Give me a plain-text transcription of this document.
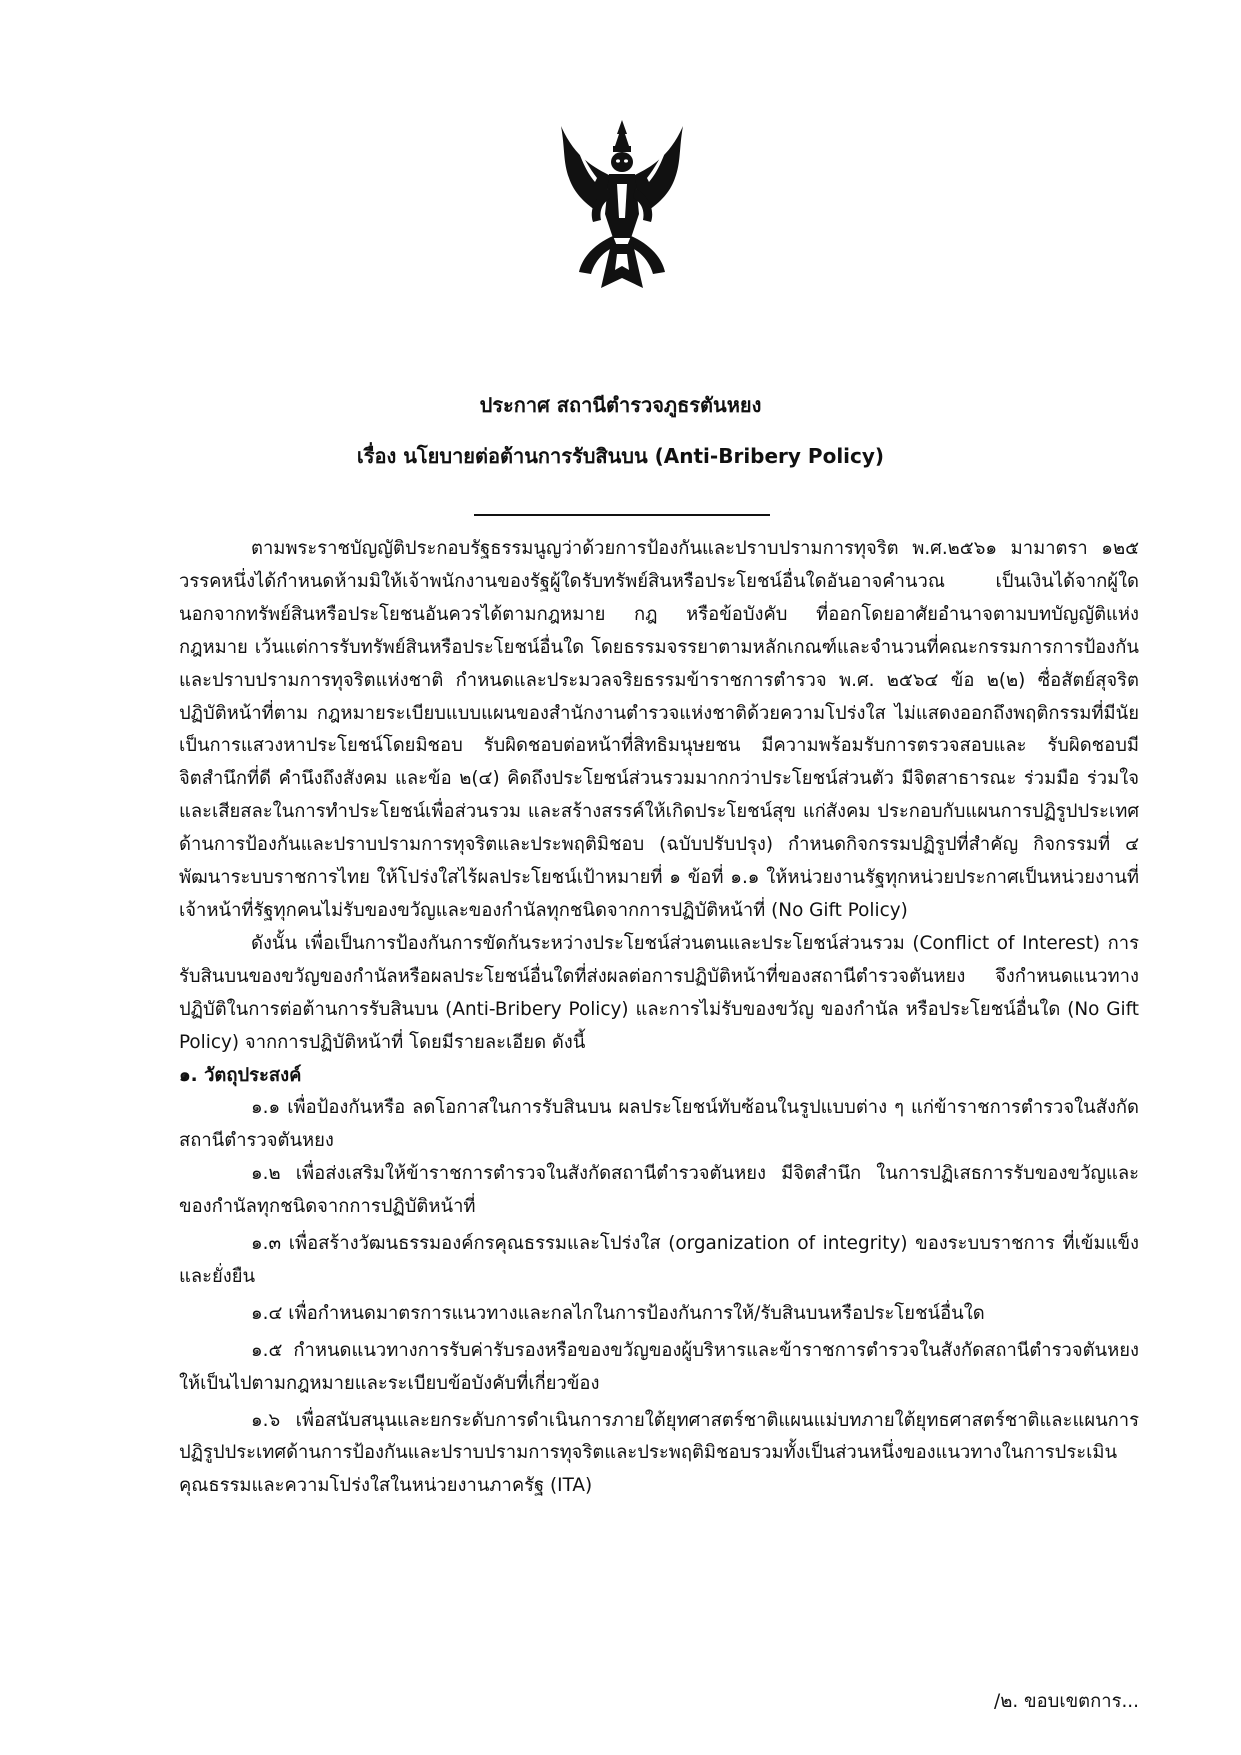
ประกาศ สถานีตำรวจภูธรตันหยง
เรื่อง นโยบายต่อต้านการรับสินบน (Anti-Bribery Policy)

ตามพระราชบัญญัติประกอบรัฐธรรมนูญว่าด้วยการป้องกันและปราบปรามการทุจริต พ.ศ.๒๕๖๑ มามาตรา ๑๒๕ วรรคหนึ่งได้กำหนดห้ามมิให้เจ้าพนักงานของรัฐผู้ใดรับทรัพย์สินหรือประโยชน์อื่นใดอันอาจคำนวณ เป็นเงินได้จากผู้ใด นอกจากทรัพย์สินหรือประโยชนอันควรได้ตามกฎหมาย กฎ หรือข้อบังคับ ที่ออกโดยอาศัยอำนาจตามบทบัญญัติแห่งกฎหมาย เว้นแต่การรับทรัพย์สินหรือประโยชน์อื่นใด โดยธรรมจรรยาตามหลักเกณฑ์และจำนวนที่คณะกรรมการการป้องกันและปราบปรามการทุจริตแห่งชาติ กำหนดและประมวลจริยธรรมข้าราชการตำรวจ พ.ศ. ๒๕๖๔ ข้อ ๒(๒) ซื่อสัตย์สุจริต ปฏิบัติหน้าที่ตาม กฎหมายระเบียบแบบแผนของสำนักงานตำรวจแห่งชาติด้วยความโปร่งใส ไม่แสดงออกถึงพฤติกรรมที่มีนัย เป็นการแสวงหาประโยชน์โดยมิชอบ รับผิดชอบต่อหน้าที่สิทธิมนุษยชน มีความพร้อมรับการตรวจสอบและ รับผิดชอบมีจิตสำนึกที่ดี คำนึงถึงสังคม และข้อ ๒(๔) คิดถึงประโยชน์ส่วนรวมมากกว่าประโยชน์ส่วนตัว มีจิตสาธารณะ ร่วมมือ ร่วมใจ และเสียสละในการทำประโยชน์เพื่อส่วนรวม และสร้างสรรค์ให้เกิดประโยชน์สุข แก่สังคม ประกอบกับแผนการปฏิรูปประเทศด้านการป้องกันและปราบปรามการทุจริตและประพฤติมิชอบ (ฉบับปรับปรุง) กำหนดกิจกรรมปฏิรูปที่สำคัญ กิจกรรมที่ ๔ พัฒนาระบบราชการไทย ให้โปร่งใสไร้ผลประโยชน์เป้าหมายที่ ๑ ข้อที่ ๑.๑ ให้หน่วยงานรัฐทุกหน่วยประกาศเป็นหน่วยงานที่เจ้าหน้าที่รัฐทุกคนไม่รับของขวัญและของกำนัลทุกชนิดจากการปฏิบัติหน้าที่ (No Gift Policy)

ดังนั้น เพื่อเป็นการป้องกันการขัดกันระหว่างประโยชน์ส่วนตนและประโยชน์ส่วนรวม (Conflict of Interest) การรับสินบนของขวัญของกำนัลหรือผลประโยชน์อื่นใดที่ส่งผลต่อการปฏิบัติหน้าที่ของสถานีตำรวจตันหยง จึงกำหนดแนวทางปฏิบัติในการต่อต้านการรับสินบน (Anti-Bribery Policy) และการไม่รับของขวัญ ของกำนัล หรือประโยชน์อื่นใด (No Gift Policy) จากการปฏิบัติหน้าที่ โดยมีรายละเอียด ดังนี้

๑. วัตถุประสงค์

๑.๑ เพื่อป้องกันหรือ ลดโอกาสในการรับสินบน ผลประโยชน์ทับซ้อนในรูปแบบต่าง ๆ แก่ข้าราชการตำรวจในสังกัดสถานีตำรวจตันหยง

๑.๒ เพื่อส่งเสริมให้ข้าราชการตำรวจในสังกัดสถานีตำรวจตันหยง มีจิตสำนึก ในการปฏิเสธการรับของขวัญและของกำนัลทุกชนิดจากการปฏิบัติหน้าที่

๑.๓ เพื่อสร้างวัฒนธรรมองค์กรคุณธรรมและโปร่งใส (organization of integrity) ของระบบราชการ ที่เข้มแข็งและยั่งยืน

๑.๔ เพื่อกำหนดมาตรการแนวทางและกลไกในการป้องกันการให้/รับสินบนหรือประโยชน์อื่นใด

๑.๕ กำหนดแนวทางการรับค่ารับรองหรือของขวัญของผู้บริหารและข้าราชการตำรวจในสังกัดสถานีตำรวจตันหยง ให้เป็นไปตามกฎหมายและระเบียบข้อบังคับที่เกี่ยวข้อง

๑.๖ เพื่อสนับสนุนและยกระดับการดำเนินการภายใต้ยุทศาสตร์ชาติแผนแม่บทภายใต้ยุทธศาสตร์ชาติและแผนการปฏิรูปประเทศด้านการป้องกันและปราบปรามการทุจริตและประพฤติมิชอบรวมทั้งเป็นส่วนหนึ่งของแนวทางในการประเมินคุณธรรมและความโปร่งใสในหน่วยงานภาครัฐ (ITA)

/๒. ขอบเขตการ...
